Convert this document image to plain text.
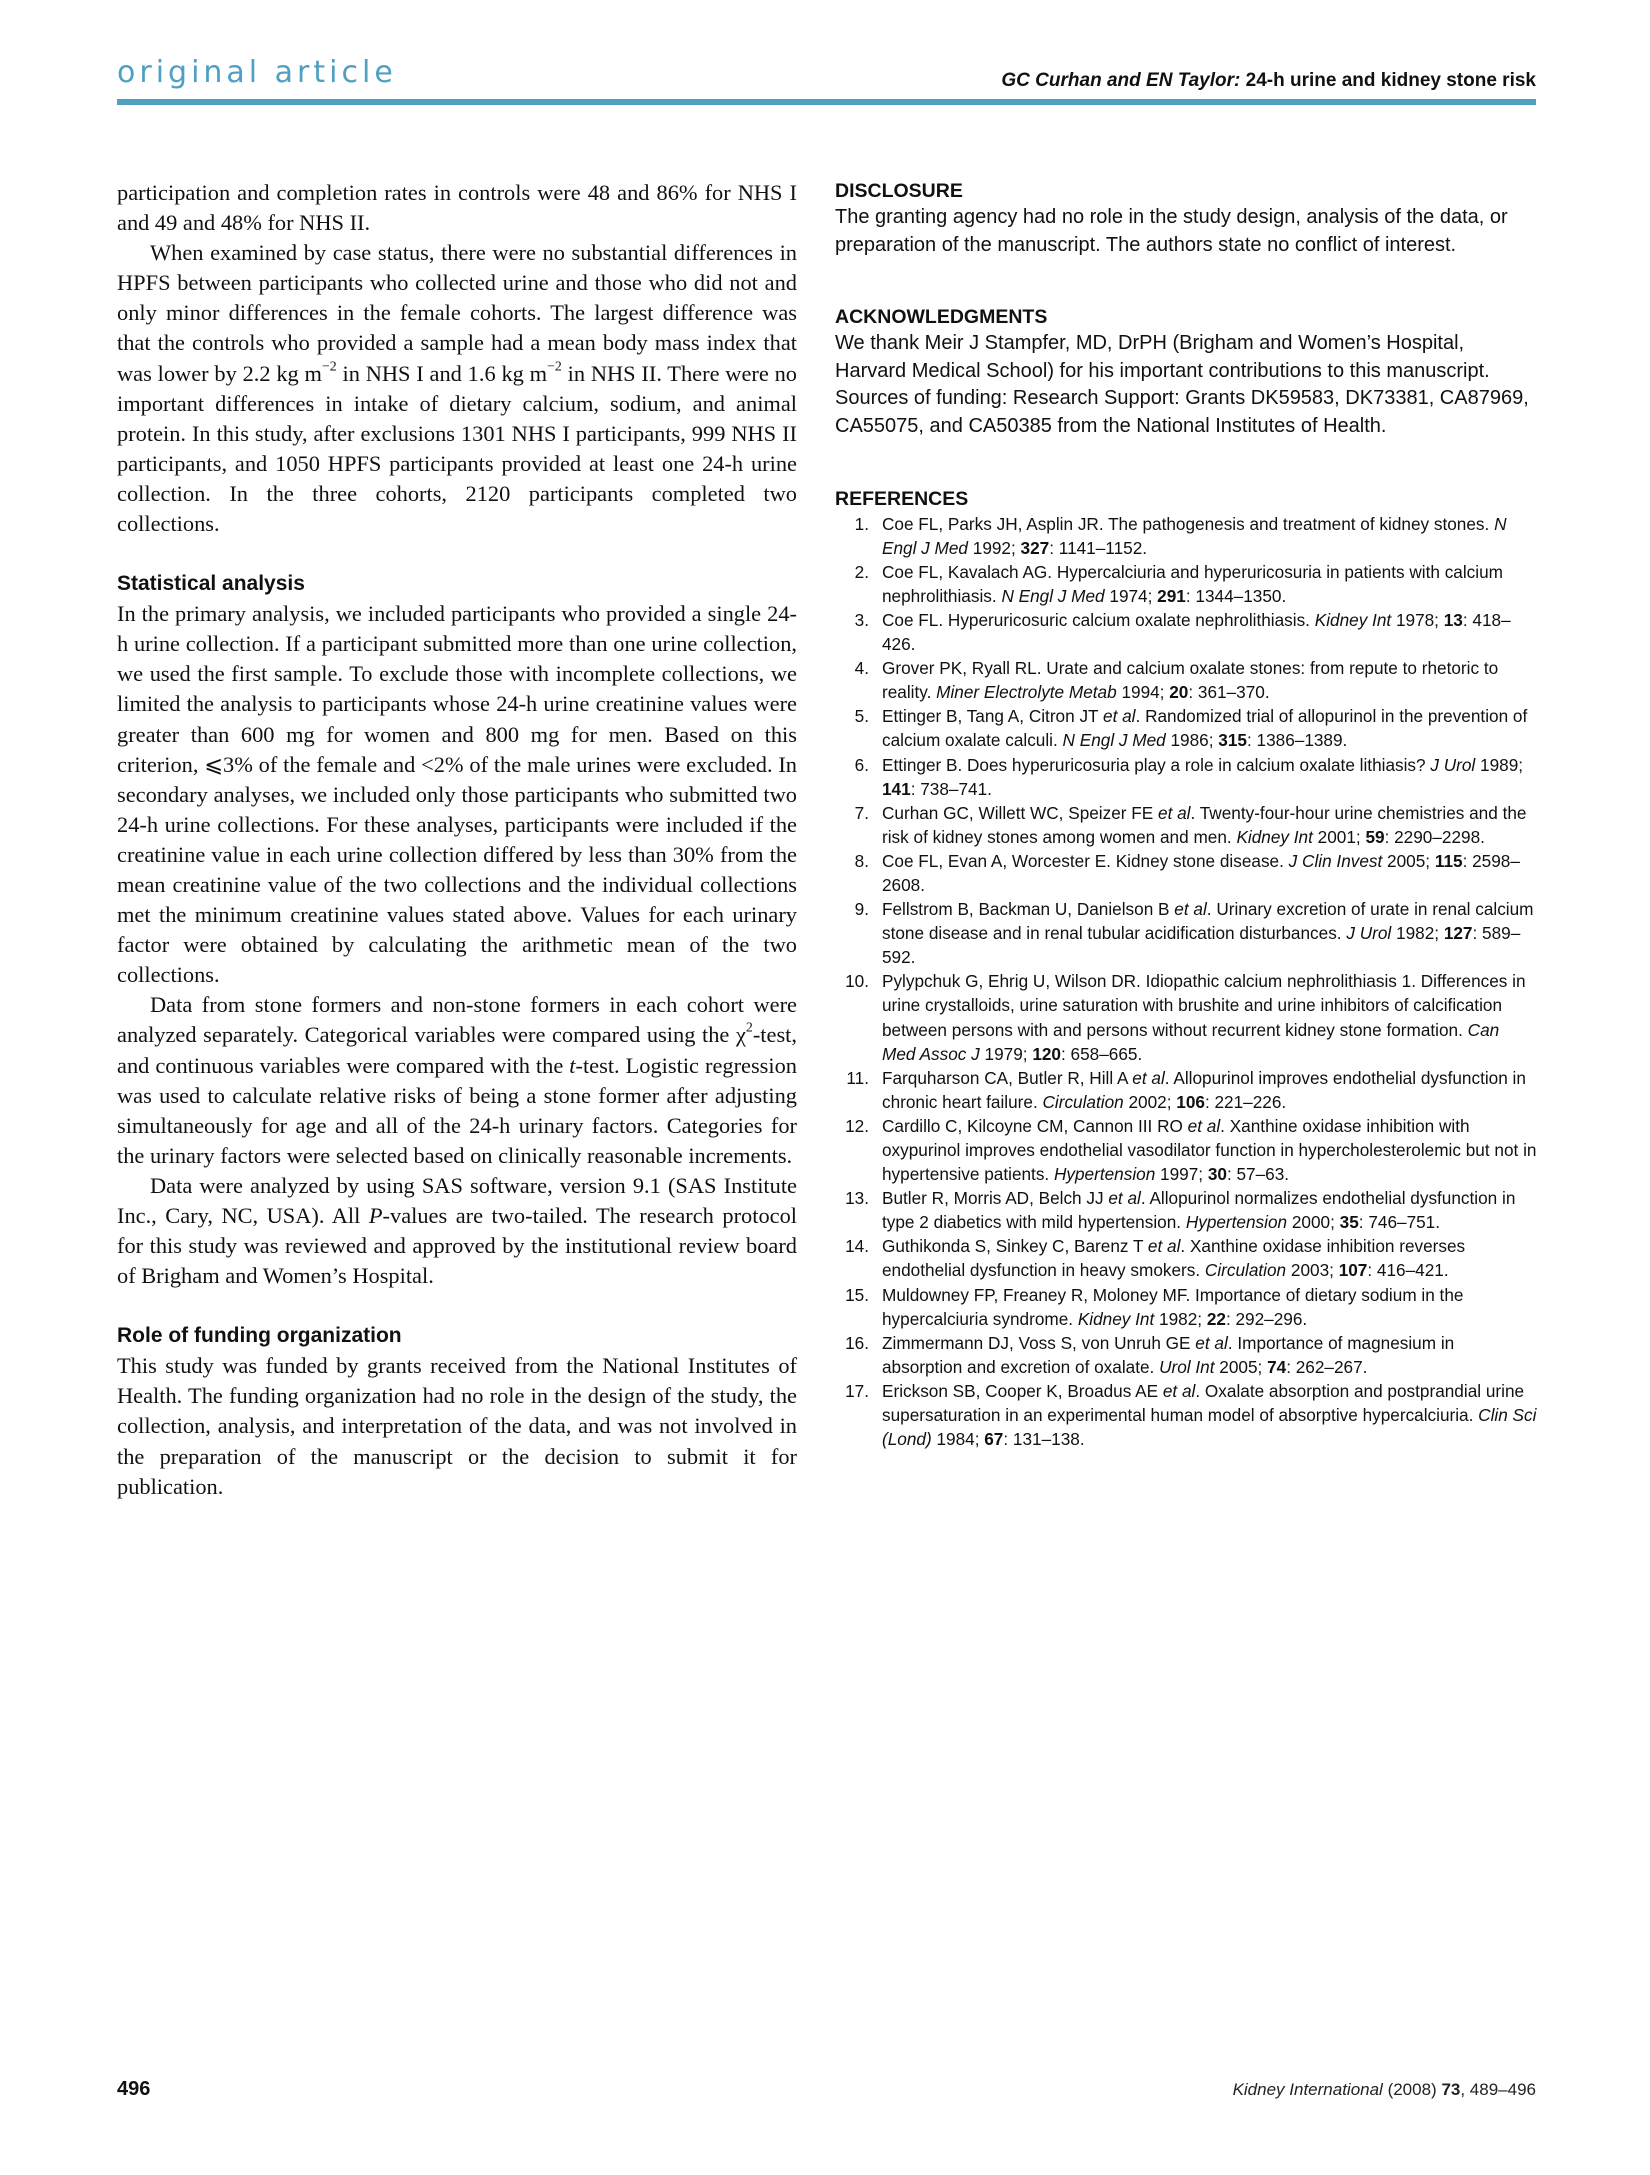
original article	GC Curhan and EN Taylor: 24-h urine and kidney stone risk

participation and completion rates in controls were 48 and 86% for NHS I and 49 and 48% for NHS II.

When examined by case status, there were no substantial differences in HPFS between participants who collected urine and those who did not and only minor differences in the female cohorts. The largest difference was that the controls who provided a sample had a mean body mass index that was lower by 2.2 kg $m^{-2}$ in NHS I and 1.6 kg $m^{-2}$ in NHS II. There were no important differences in intake of dietary calcium, sodium, and animal protein. In this study, after exclusions 1301 NHS I participants, 999 NHS II participants, and 1050 HPFS participants provided at least one 24-h urine collection. In the three cohorts, 2120 participants completed two collections.

Statistical analysis

In the primary analysis, we included participants who provided a single 24-h urine collection. If a participant submitted more than one urine collection, we used the first sample. To exclude those with incomplete collections, we limited the analysis to participants whose 24-h urine creatinine values were greater than 600 mg for women and 800 mg for men. Based on this criterion, ⩽3% of the female and <2% of the male urines were excluded. In secondary analyses, we included only those participants who submitted two 24-h urine collections. For these analyses, participants were included if the creatinine value in each urine collection differed by less than 30% from the mean creatinine value of the two collections and the individual collections met the minimum creatinine values stated above. Values for each urinary factor were obtained by calculating the arithmetic mean of the two collections.

Data from stone formers and non-stone formers in each cohort were analyzed separately. Categorical variables were compared using the $\chi^2$-test, and continuous variables were compared with the t-test. Logistic regression was used to calculate relative risks of being a stone former after adjusting simultaneously for age and all of the 24-h urinary factors. Categories for the urinary factors were selected based on clinically reasonable increments.

Data were analyzed by using SAS software, version 9.1 (SAS Institute Inc., Cary, NC, USA). All P-values are two-tailed. The research protocol for this study was reviewed and approved by the institutional review board of Brigham and Women’s Hospital.

Role of funding organization

This study was funded by grants received from the National Institutes of Health. The funding organization had no role in the design of the study, the collection, analysis, and interpretation of the data, and was not involved in the preparation of the manuscript or the decision to submit it for publication.

DISCLOSURE

The granting agency had no role in the study design, analysis of the data, or preparation of the manuscript. The authors state no conflict of interest.

ACKNOWLEDGMENTS

We thank Meir J Stampfer, MD, DrPH (Brigham and Women’s Hospital, Harvard Medical School) for his important contributions to this manuscript. Sources of funding: Research Support: Grants DK59583, DK73381, CA87969, CA55075, and CA50385 from the National Institutes of Health.

REFERENCES
1. Coe FL, Parks JH, Asplin JR. The pathogenesis and treatment of kidney stones. N Engl J Med 1992; 327: 1141–1152.
2. Coe FL, Kavalach AG. Hypercalciuria and hyperuricosuria in patients with calcium nephrolithiasis. N Engl J Med 1974; 291: 1344–1350.
3. Coe FL. Hyperuricosuric calcium oxalate nephrolithiasis. Kidney Int 1978; 13: 418–426.
4. Grover PK, Ryall RL. Urate and calcium oxalate stones: from repute to rhetoric to reality. Miner Electrolyte Metab 1994; 20: 361–370.
5. Ettinger B, Tang A, Citron JT et al. Randomized trial of allopurinol in the prevention of calcium oxalate calculi. N Engl J Med 1986; 315: 1386–1389.
6. Ettinger B. Does hyperuricosuria play a role in calcium oxalate lithiasis? J Urol 1989; 141: 738–741.
7. Curhan GC, Willett WC, Speizer FE et al. Twenty-four-hour urine chemistries and the risk of kidney stones among women and men. Kidney Int 2001; 59: 2290–2298.
8. Coe FL, Evan A, Worcester E. Kidney stone disease. J Clin Invest 2005; 115: 2598–2608.
9. Fellstrom B, Backman U, Danielson B et al. Urinary excretion of urate in renal calcium stone disease and in renal tubular acidification disturbances. J Urol 1982; 127: 589–592.
10. Pylypchuk G, Ehrig U, Wilson DR. Idiopathic calcium nephrolithiasis 1. Differences in urine crystalloids, urine saturation with brushite and urine inhibitors of calcification between persons with and persons without recurrent kidney stone formation. Can Med Assoc J 1979; 120: 658–665.
11. Farquharson CA, Butler R, Hill A et al. Allopurinol improves endothelial dysfunction in chronic heart failure. Circulation 2002; 106: 221–226.
12. Cardillo C, Kilcoyne CM, Cannon III RO et al. Xanthine oxidase inhibition with oxypurinol improves endothelial vasodilator function in hypercholesterolemic but not in hypertensive patients. Hypertension 1997; 30: 57–63.
13. Butler R, Morris AD, Belch JJ et al. Allopurinol normalizes endothelial dysfunction in type 2 diabetics with mild hypertension. Hypertension 2000; 35: 746–751.
14. Guthikonda S, Sinkey C, Barenz T et al. Xanthine oxidase inhibition reverses endothelial dysfunction in heavy smokers. Circulation 2003; 107: 416–421.
15. Muldowney FP, Freaney R, Moloney MF. Importance of dietary sodium in the hypercalciuria syndrome. Kidney Int 1982; 22: 292–296.
16. Zimmermann DJ, Voss S, von Unruh GE et al. Importance of magnesium in absorption and excretion of oxalate. Urol Int 2005; 74: 262–267.
17. Erickson SB, Cooper K, Broadus AE et al. Oxalate absorption and postprandial urine supersaturation in an experimental human model of absorptive hypercalciuria. Clin Sci (Lond) 1984; 67: 131–138.
496	Kidney International (2008) 73, 489–496
